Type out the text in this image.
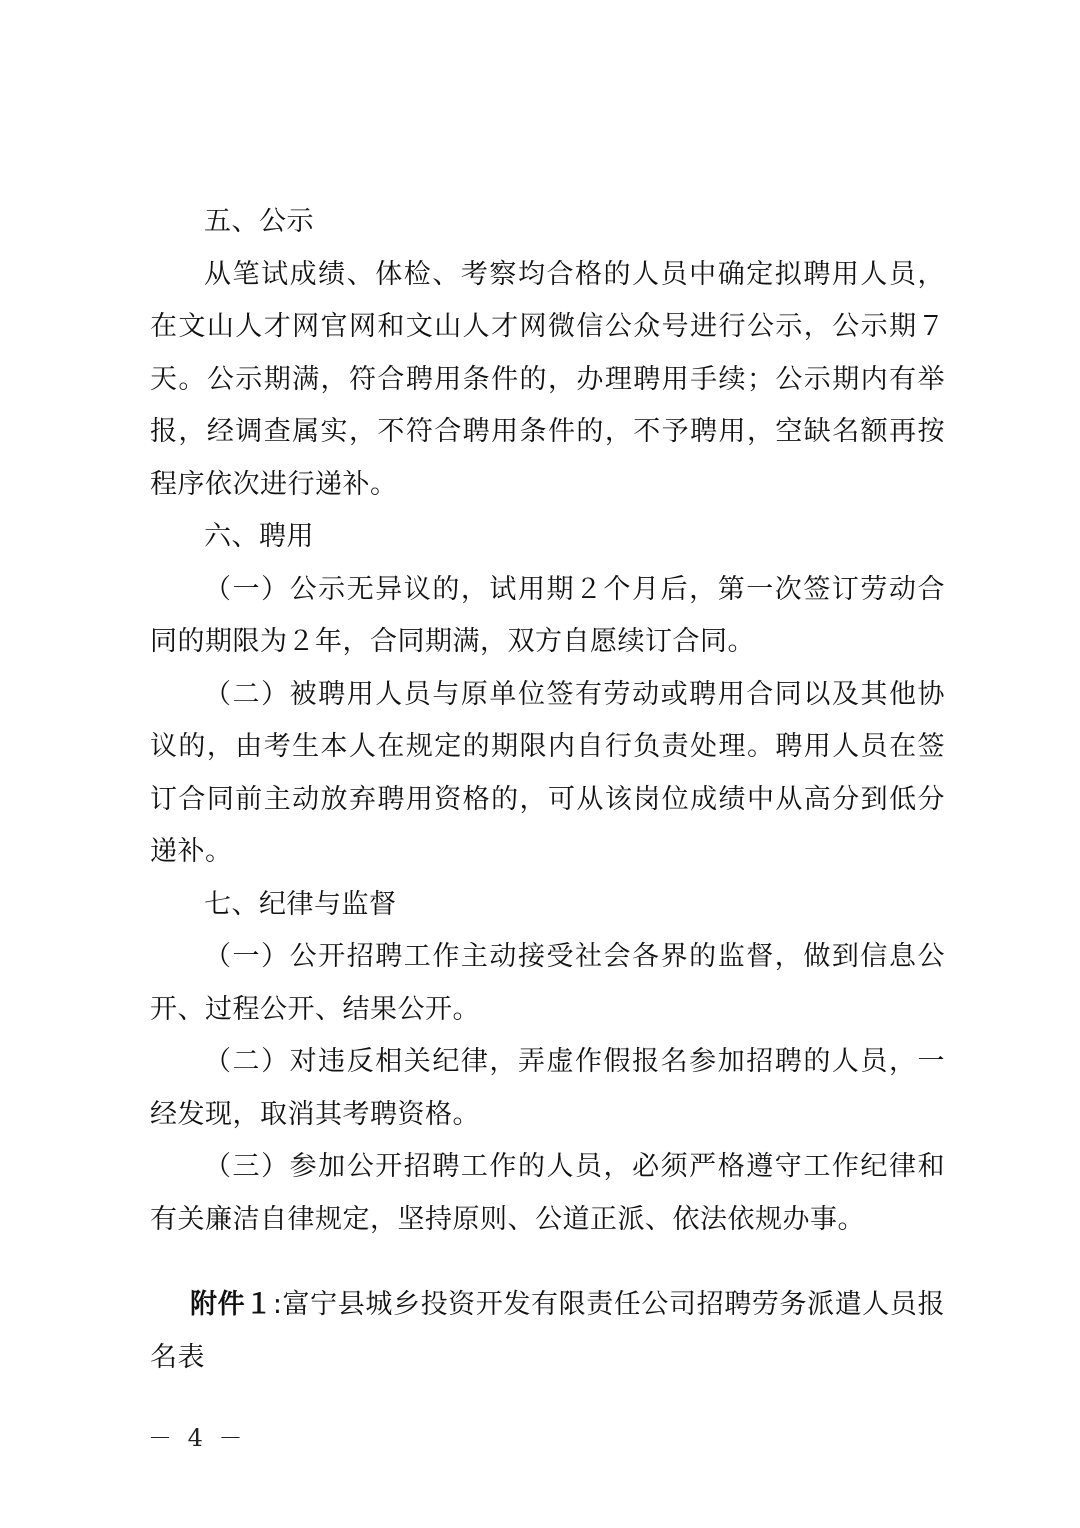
五、公示

从笔试成绩、体检、考察均合格的人员中确定拟聘用人员，在文山人才网官网和文山人才网微信公众号进行公示，公示期７天。公示期满，符合聘用条件的，办理聘用手续；公示期内有举报，经调查属实，不符合聘用条件的，不予聘用，空缺名额再按程序依次进行递补。

六、聘用

（一）公示无异议的，试用期２个月后，第一次签订劳动合同的期限为２年，合同期满，双方自愿续订合同。

（二）被聘用人员与原单位签有劳动或聘用合同以及其他协议的，由考生本人在规定的期限内自行负责处理。聘用人员在签订合同前主动放弃聘用资格的，可从该岗位成绩中从高分到低分递补。

七、纪律与监督

（一）公开招聘工作主动接受社会各界的监督，做到信息公开、过程公开、结果公开。

（二）对违反相关纪律，弄虚作假报名参加招聘的人员，一经发现，取消其考聘资格。

（三）参加公开招聘工作的人员，必须严格遵守工作纪律和有关廉洁自律规定，坚持原则、公道正派、依法依规办事。

附件１:富宁县城乡投资开发有限责任公司招聘劳务派遣人员报名表

－ 4 －
